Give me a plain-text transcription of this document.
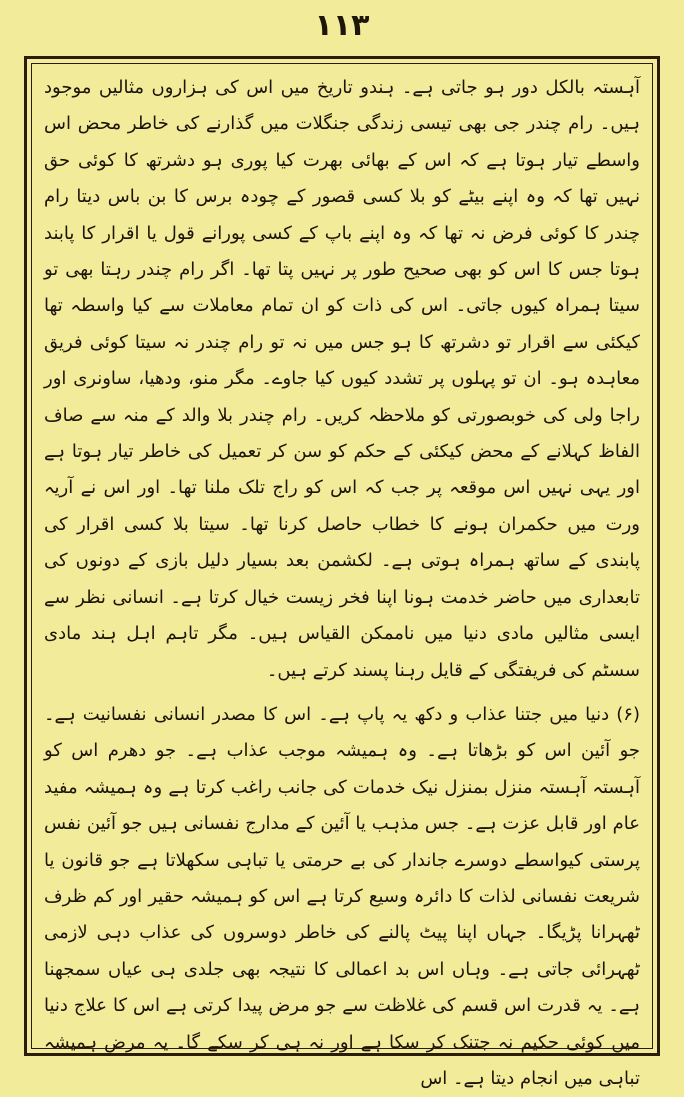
۱۱۳

آہستہ بالکل دور ہو جاتی ہے۔ ہندو تاریخ میں اس کی ہزاروں مثالیں موجود ہیں۔ رام چندر جی بھی تیسی زندگی جنگلات میں گذارنے کی خاطر محض اس واسطے تیار ہوتا ہے کہ اس کے بھائی بھرت کیا پوری ہو دشرتھ کا کوئی حق نہیں تھا کہ وہ اپنے بیٹے کو بلا کسی قصور کے چودہ برس کا بن باس دیتا رام چندر کا کوئی فرض نہ تھا کہ وہ اپنے باپ کے کسی پورانے قول یا اقرار کا پابند ہوتا جس کا اس کو بھی صحیح طور پر نہیں پتا تھا۔ اگر رام چندر رہتا بھی تو سیتا ہمراہ کیوں جاتی۔ اس کی ذات کو ان تمام معاملات سے کیا واسطہ تھا کیکئی سے اقرار تو دشرتھ کا ہو جس میں نہ تو رام چندر نہ سیتا کوئی فریق معاہدہ ہو۔ ان تو پہلوں پر تشدد کیوں کیا جاوے۔ مگر منو، ودھیا، ساونری اور راجا ولی کی خوبصورتی کو ملاحظہ کریں۔ رام چندر بلا والد کے منہ سے صاف الفاظ کہلانے کے محض کیکئی کے حکم کو سن کر تعمیل کی خاطر تیار ہوتا ہے اور یہی نہیں اس موقعہ پر جب کہ اس کو راج تلک ملنا تھا۔ اور اس نے آریہ ورت میں حکمران ہونے کا خطاب حاصل کرنا تھا۔ سیتا بلا کسی اقرار کی پابندی کے ساتھ ہمراہ ہوتی ہے۔ لکشمن بعد بسیار دلیل بازی کے دونوں کی تابعداری میں حاضر خدمت ہونا اپنا فخر زیست خیال کرتا ہے۔ انسانی نظر سے ایسی مثالیں مادی دنیا میں ناممکن القیاس ہیں۔ مگر تاہم اہل ہند مادی سسٹم کی فریفتگی کے قایل رہنا پسند کرتے ہیں۔

(۶) دنیا میں جتنا عذاب و دکھ یہ پاپ ہے۔ اس کا مصدر انسانی نفسانیت ہے۔ جو آئین اس کو بڑھاتا ہے۔ وہ ہمیشہ موجب عذاب ہے۔ جو دھرم اس کو آہستہ آہستہ منزل بمنزل نیک خدمات کی جانب راغب کرتا ہے وہ ہمیشہ مفید عام اور قابل عزت ہے۔ جس مذہب یا آئین کے مدارج نفسانی ہیں جو آئین نفس پرستی کیواسطے دوسرے جاندار کی بے حرمتی یا تباہی سکھلاتا ہے جو قانون یا شریعت نفسانی لذات کا دائرہ وسیع کرتا ہے اس کو ہمیشہ حقیر اور کم ظرف ٹھہرانا پڑیگا۔ جہاں اپنا پیٹ پالنے کی خاطر دوسروں کی عذاب دہی لازمی ٹھہرائی جاتی ہے۔ وہاں اس بد اعمالی کا نتیجہ بھی جلدی ہی عیاں سمجھنا ہے۔ یہ قدرت اس قسم کی غلاظت سے جو مرض پیدا کرتی ہے اس کا علاج دنیا میں کوئی حکیم نہ جتنک کر سکا ہے اور نہ ہی کر سکے گا۔ یہ مرض ہمیشہ تباہی میں انجام دیتا ہے۔ اس
